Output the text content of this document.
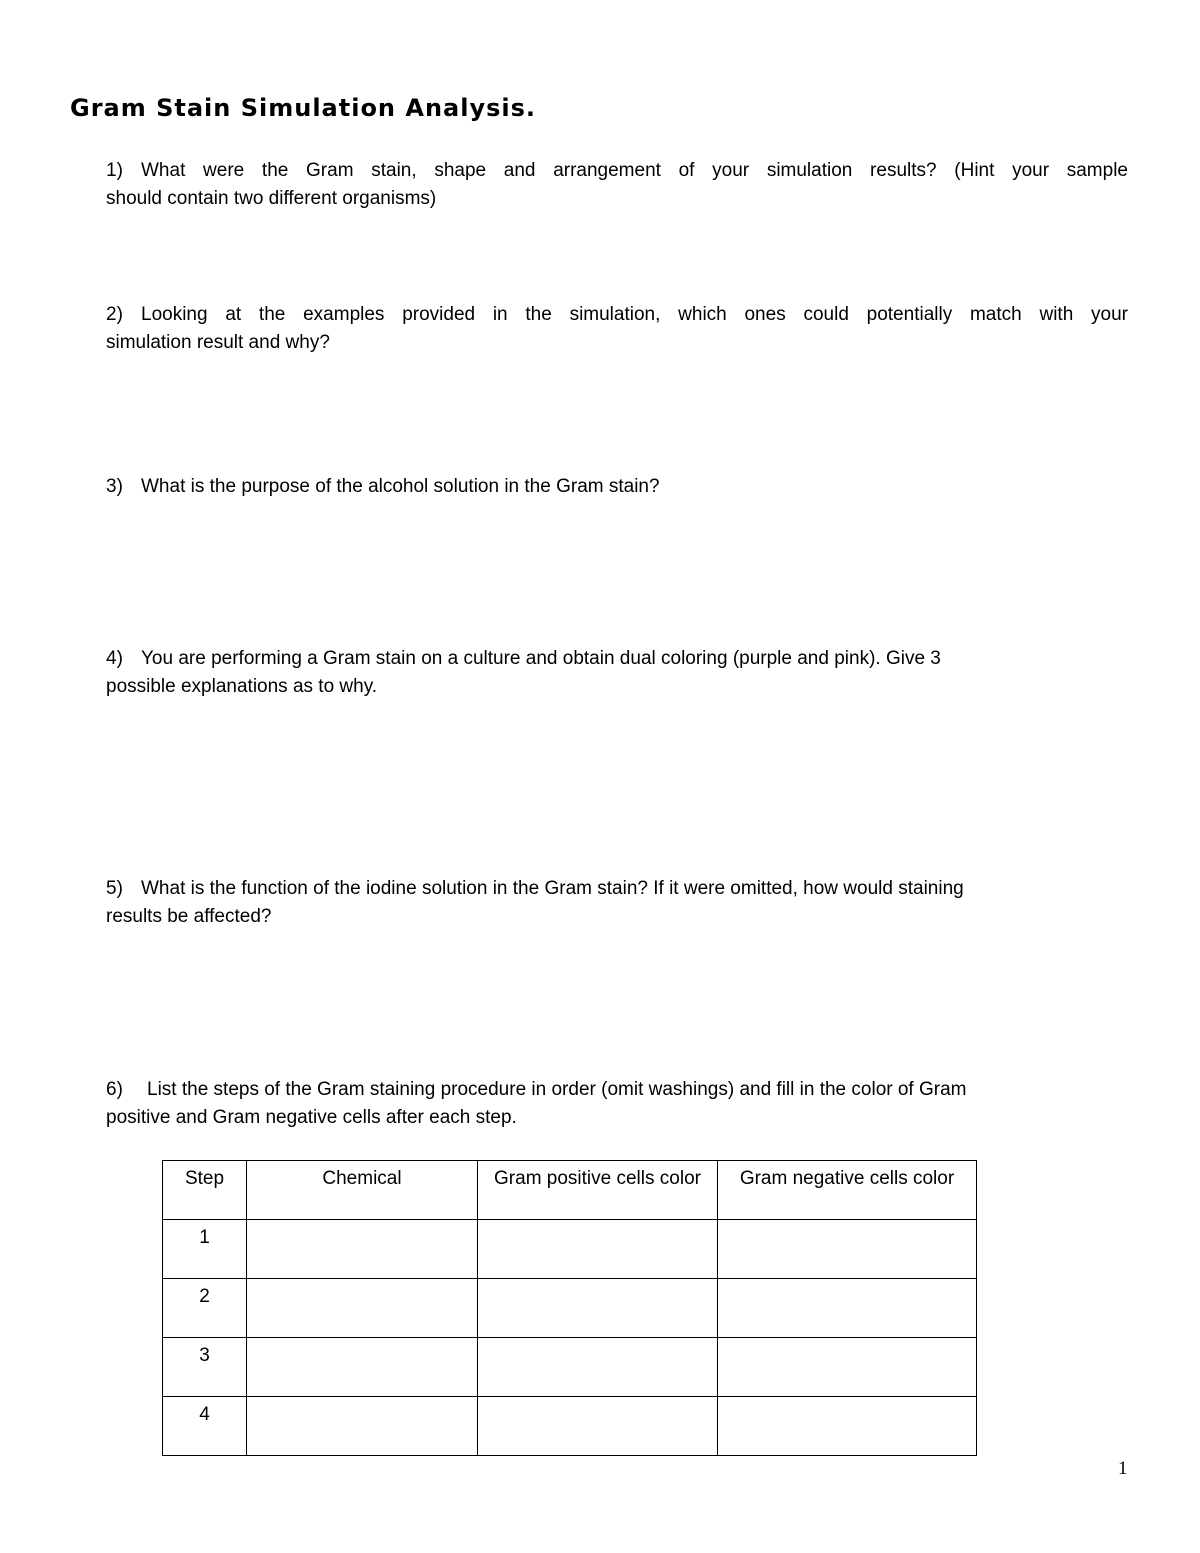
Gram Stain Simulation Analysis.
1) What were the Gram stain, shape and arrangement of your simulation results? (Hint your sample
should contain two different organisms)
2) Looking at the examples provided in the simulation, which ones could potentially match with your
simulation result and why?
3) What is the purpose of the alcohol solution in the Gram stain?
4) You are performing a Gram stain on a culture and obtain dual coloring (purple and pink). Give 3
possible explanations as to why.
5) What is the function of the iodine solution in the Gram stain? If it were omitted, how would staining
results be affected?
6) List the steps of the Gram staining procedure in order (omit washings) and fill in the color of Gram
positive and Gram negative cells after each step.
Step	Chemical	Gram positive cells color	Gram negative cells color
1			
2			
3			
4			
1
